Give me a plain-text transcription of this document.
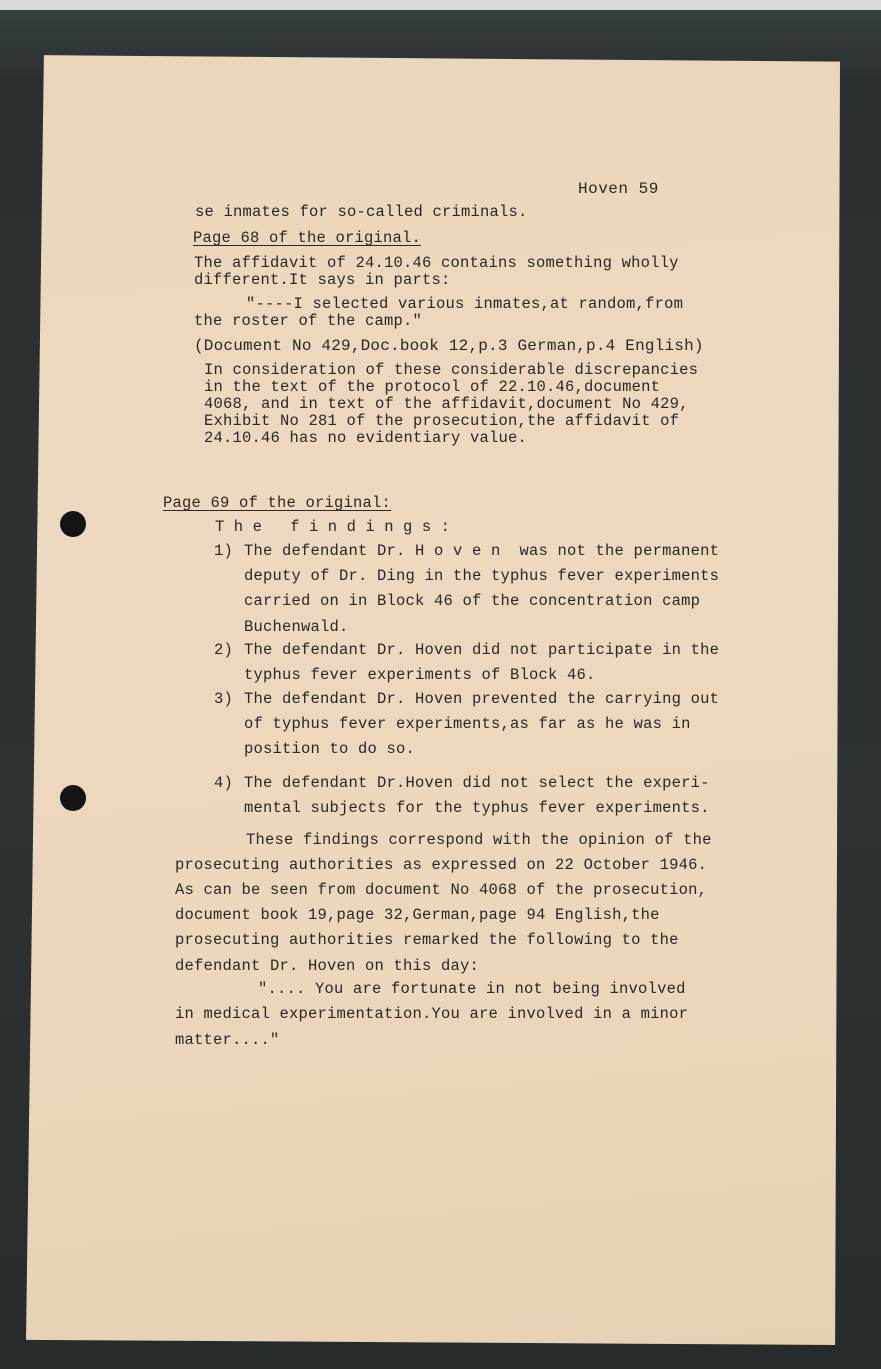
Hoven 59
se inmates for so-called criminals.
Page 68 of the original.
The affidavit of 24.10.46 contains something wholly
different.It says in parts:
"----I selected various inmates,at random,from
the roster of the camp."
(Document No 429,Doc.book 12,p.3 German,p.4 English)
In consideration of these considerable discrepancies
in the text of the protocol of 22.10.46,document
4068, and in text of the affidavit,document No 429,
Exhibit No 281 of the prosecution,the affidavit of
24.10.46 has no evidentiary value.
Page 69 of the original:
The findings:
1) The defendant Dr. H o v e n  was not the permanent
deputy of Dr. Ding in the typhus fever experiments
carried on in Block 46 of the concentration camp
Buchenwald.
2) The defendant Dr. Hoven did not participate in the
typhus fever experiments of Block 46.
3) The defendant Dr. Hoven prevented the carrying out
of typhus fever experiments,as far as he was in
position to do so.
4) The defendant Dr.Hoven did not select the experi-
mental subjects for the typhus fever experiments.
These findings correspond with the opinion of the
prosecuting authorities as expressed on 22 October 1946.
As can be seen from document No 4068 of the prosecution,
document book 19,page 32,German,page 94 English,the
prosecuting authorities remarked the following to the
defendant Dr. Hoven on this day:
".... You are fortunate in not being involved
in medical experimentation.You are involved in a minor
matter...."
